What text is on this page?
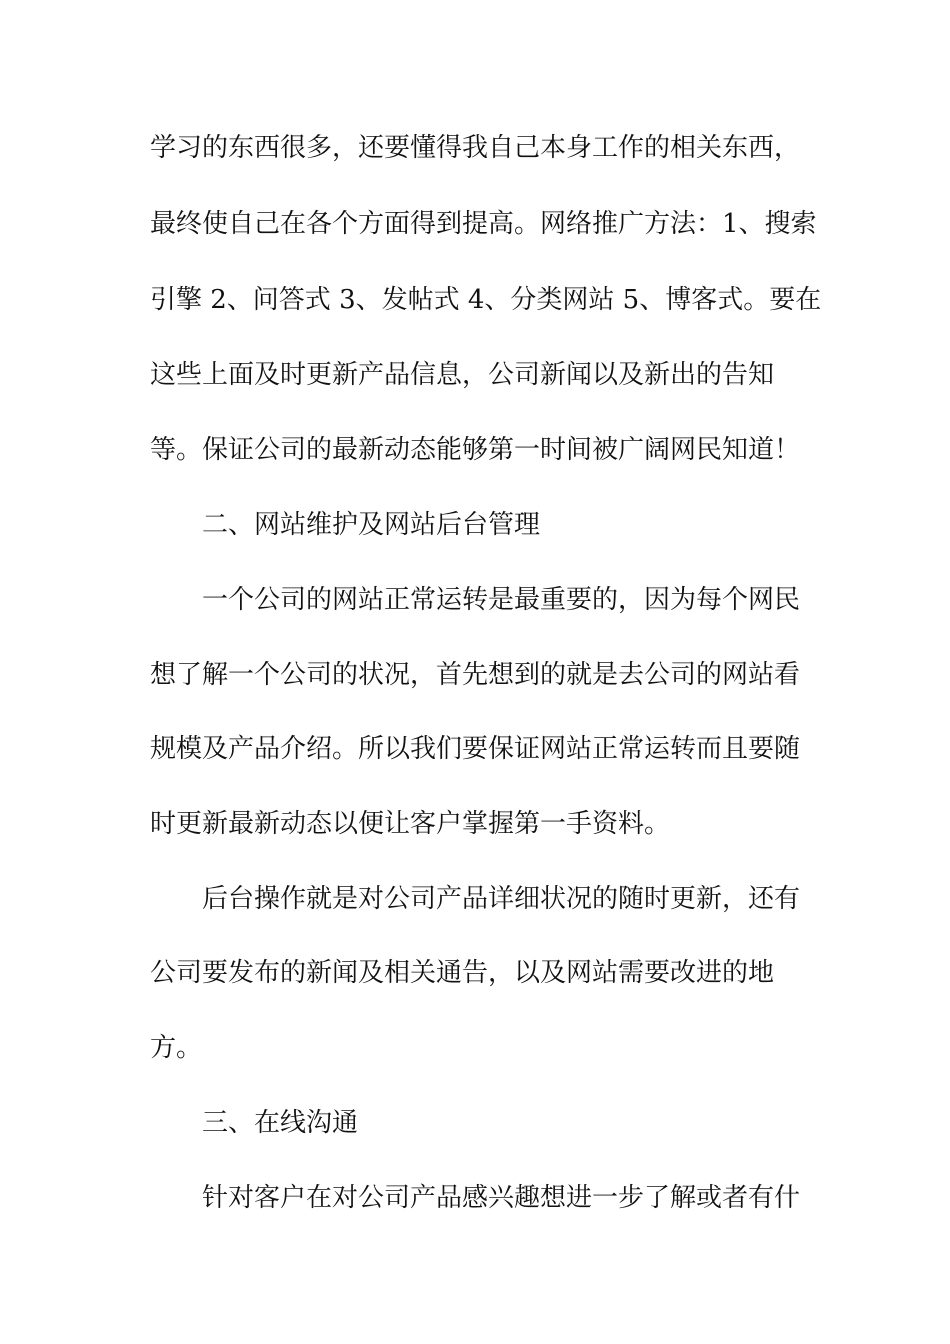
学习的东西很多，还要懂得我自己本身工作的相关东西，

最终使自己在各个方面得到提高。网络推广方法：1、搜索

引擎 2、问答式 3、发帖式 4、分类网站 5、博客式。要在

这些上面及时更新产品信息，公司新闻以及新出的告知

等。保证公司的最新动态能够第一时间被广阔网民知道！

二、网站维护及网站后台管理

一个公司的网站正常运转是最重要的，因为每个网民

想了解一个公司的状况，首先想到的就是去公司的网站看

规模及产品介绍。所以我们要保证网站正常运转而且要随

时更新最新动态以便让客户掌握第一手资料。

后台操作就是对公司产品详细状况的随时更新，还有

公司要发布的新闻及相关通告，以及网站需要改进的地

方。

三、在线沟通

针对客户在对公司产品感兴趣想进一步了解或者有什
